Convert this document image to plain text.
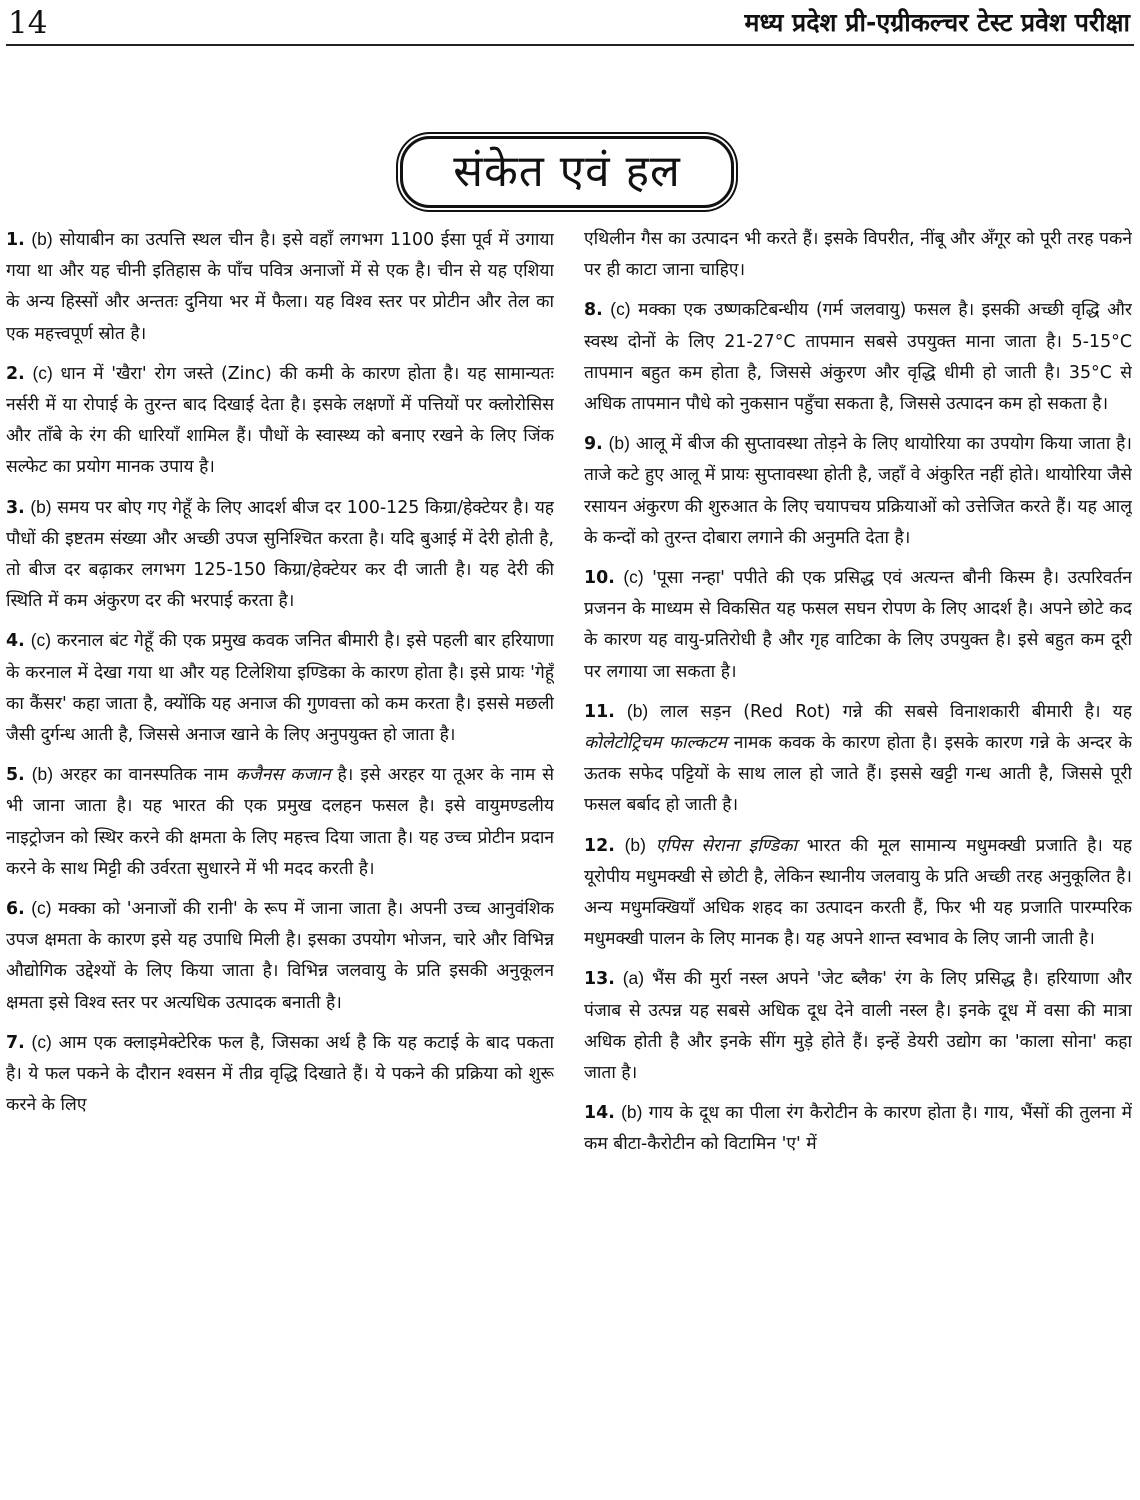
14	मध्य प्रदेश प्री-एग्रीकल्चर टेस्ट प्रवेश परीक्षा
संकेत एवं हल

1. (b) सोयाबीन का उत्पत्ति स्थल चीन है। इसे वहाँ लगभग 1100 ईसा पूर्व में उगाया गया था और यह चीनी इतिहास के पाँच पवित्र अनाजों में से एक है। चीन से यह एशिया के अन्य हिस्सों और अन्ततः दुनिया भर में फैला। यह विश्व स्तर पर प्रोटीन और तेल का एक महत्त्वपूर्ण स्रोत है।

2. (c) धान में 'खैरा' रोग जस्ते (Zinc) की कमी के कारण होता है। यह सामान्यतः नर्सरी में या रोपाई के तुरन्त बाद दिखाई देता है। इसके लक्षणों में पत्तियों पर क्लोरोसिस और ताँबे के रंग की धारियाँ शामिल हैं। पौधों के स्वास्थ्य को बनाए रखने के लिए जिंक सल्फेट का प्रयोग मानक उपाय है।

3. (b) समय पर बोए गए गेहूँ के लिए आदर्श बीज दर 100-125 किग्रा/हेक्टेयर है। यह पौधों की इष्टतम संख्या और अच्छी उपज सुनिश्चित करता है। यदि बुआई में देरी होती है, तो बीज दर बढ़ाकर लगभग 125-150 किग्रा/हेक्टेयर कर दी जाती है। यह देरी की स्थिति में कम अंकुरण दर की भरपाई करता है।

4. (c) करनाल बंट गेहूँ की एक प्रमुख कवक जनित बीमारी है। इसे पहली बार हरियाणा के करनाल में देखा गया था और यह टिलेशिया इण्डिका के कारण होता है। इसे प्रायः 'गेहूँ का कैंसर' कहा जाता है, क्योंकि यह अनाज की गुणवत्ता को कम करता है। इससे मछली जैसी दुर्गन्ध आती है, जिससे अनाज खाने के लिए अनुपयुक्त हो जाता है।

5. (b) अरहर का वानस्पतिक नाम कजैनस कजान है। इसे अरहर या तूअर के नाम से भी जाना जाता है। यह भारत की एक प्रमुख दलहन फसल है। इसे वायुमण्डलीय नाइट्रोजन को स्थिर करने की क्षमता के लिए महत्त्व दिया जाता है। यह उच्च प्रोटीन प्रदान करने के साथ मिट्टी की उर्वरता सुधारने में भी मदद करती है।

6. (c) मक्का को 'अनाजों की रानी' के रूप में जाना जाता है। अपनी उच्च आनुवंशिक उपज क्षमता के कारण इसे यह उपाधि मिली है। इसका उपयोग भोजन, चारे और विभिन्न औद्योगिक उद्देश्यों के लिए किया जाता है। विभिन्न जलवायु के प्रति इसकी अनुकूलन क्षमता इसे विश्व स्तर पर अत्यधिक उत्पादक बनाती है।

7. (c) आम एक क्लाइमेक्टेरिक फल है, जिसका अर्थ है कि यह कटाई के बाद पकता है। ये फल पकने के दौरान श्वसन में तीव्र वृद्धि दिखाते हैं। ये पकने की प्रक्रिया को शुरू करने के लिए

एथिलीन गैस का उत्पादन भी करते हैं। इसके विपरीत, नींबू और अँगूर को पूरी तरह पकने पर ही काटा जाना चाहिए।

8. (c) मक्का एक उष्णकटिबन्धीय (गर्म जलवायु) फसल है। इसकी अच्छी वृद्धि और स्वस्थ दोनों के लिए 21-27°C तापमान सबसे उपयुक्त माना जाता है। 5-15°C तापमान बहुत कम होता है, जिससे अंकुरण और वृद्धि धीमी हो जाती है। 35°C से अधिक तापमान पौधे को नुकसान पहुँचा सकता है, जिससे उत्पादन कम हो सकता है।

9. (b) आलू में बीज की सुप्तावस्था तोड़ने के लिए थायोरिया का उपयोग किया जाता है। ताजे कटे हुए आलू में प्रायः सुप्तावस्था होती है, जहाँ वे अंकुरित नहीं होते। थायोरिया जैसे रसायन अंकुरण की शुरुआत के लिए चयापचय प्रक्रियाओं को उत्तेजित करते हैं। यह आलू के कन्दों को तुरन्त दोबारा लगाने की अनुमति देता है।

10. (c) 'पूसा नन्हा' पपीते की एक प्रसिद्ध एवं अत्यन्त बौनी किस्म है। उत्परिवर्तन प्रजनन के माध्यम से विकसित यह फसल सघन रोपण के लिए आदर्श है। अपने छोटे कद के कारण यह वायु-प्रतिरोधी है और गृह वाटिका के लिए उपयुक्त है। इसे बहुत कम दूरी पर लगाया जा सकता है।

11. (b) लाल सड़न (Red Rot) गन्ने की सबसे विनाशकारी बीमारी है। यह कोलेटोट्रिचम फाल्कटम नामक कवक के कारण होता है। इसके कारण गन्ने के अन्दर के ऊतक सफेद पट्टियों के साथ लाल हो जाते हैं। इससे खट्टी गन्ध आती है, जिससे पूरी फसल बर्बाद हो जाती है।

12. (b) एपिस सेराना इण्डिका भारत की मूल सामान्य मधुमक्खी प्रजाति है। यह यूरोपीय मधुमक्खी से छोटी है, लेकिन स्थानीय जलवायु के प्रति अच्छी तरह अनुकूलित है। अन्य मधुमक्खियाँ अधिक शहद का उत्पादन करती हैं, फिर भी यह प्रजाति पारम्परिक मधुमक्खी पालन के लिए मानक है। यह अपने शान्त स्वभाव के लिए जानी जाती है।

13. (a) भैंस की मुर्रा नस्ल अपने 'जेट ब्लैक' रंग के लिए प्रसिद्ध है। हरियाणा और पंजाब से उत्पन्न यह सबसे अधिक दूध देने वाली नस्ल है। इनके दूध में वसा की मात्रा अधिक होती है और इनके सींग मुड़े होते हैं। इन्हें डेयरी उद्योग का 'काला सोना' कहा जाता है।

14. (b) गाय के दूध का पीला रंग कैरोटीन के कारण होता है। गाय, भैंसों की तुलना में कम बीटा-कैरोटीन को विटामिन 'ए' में
